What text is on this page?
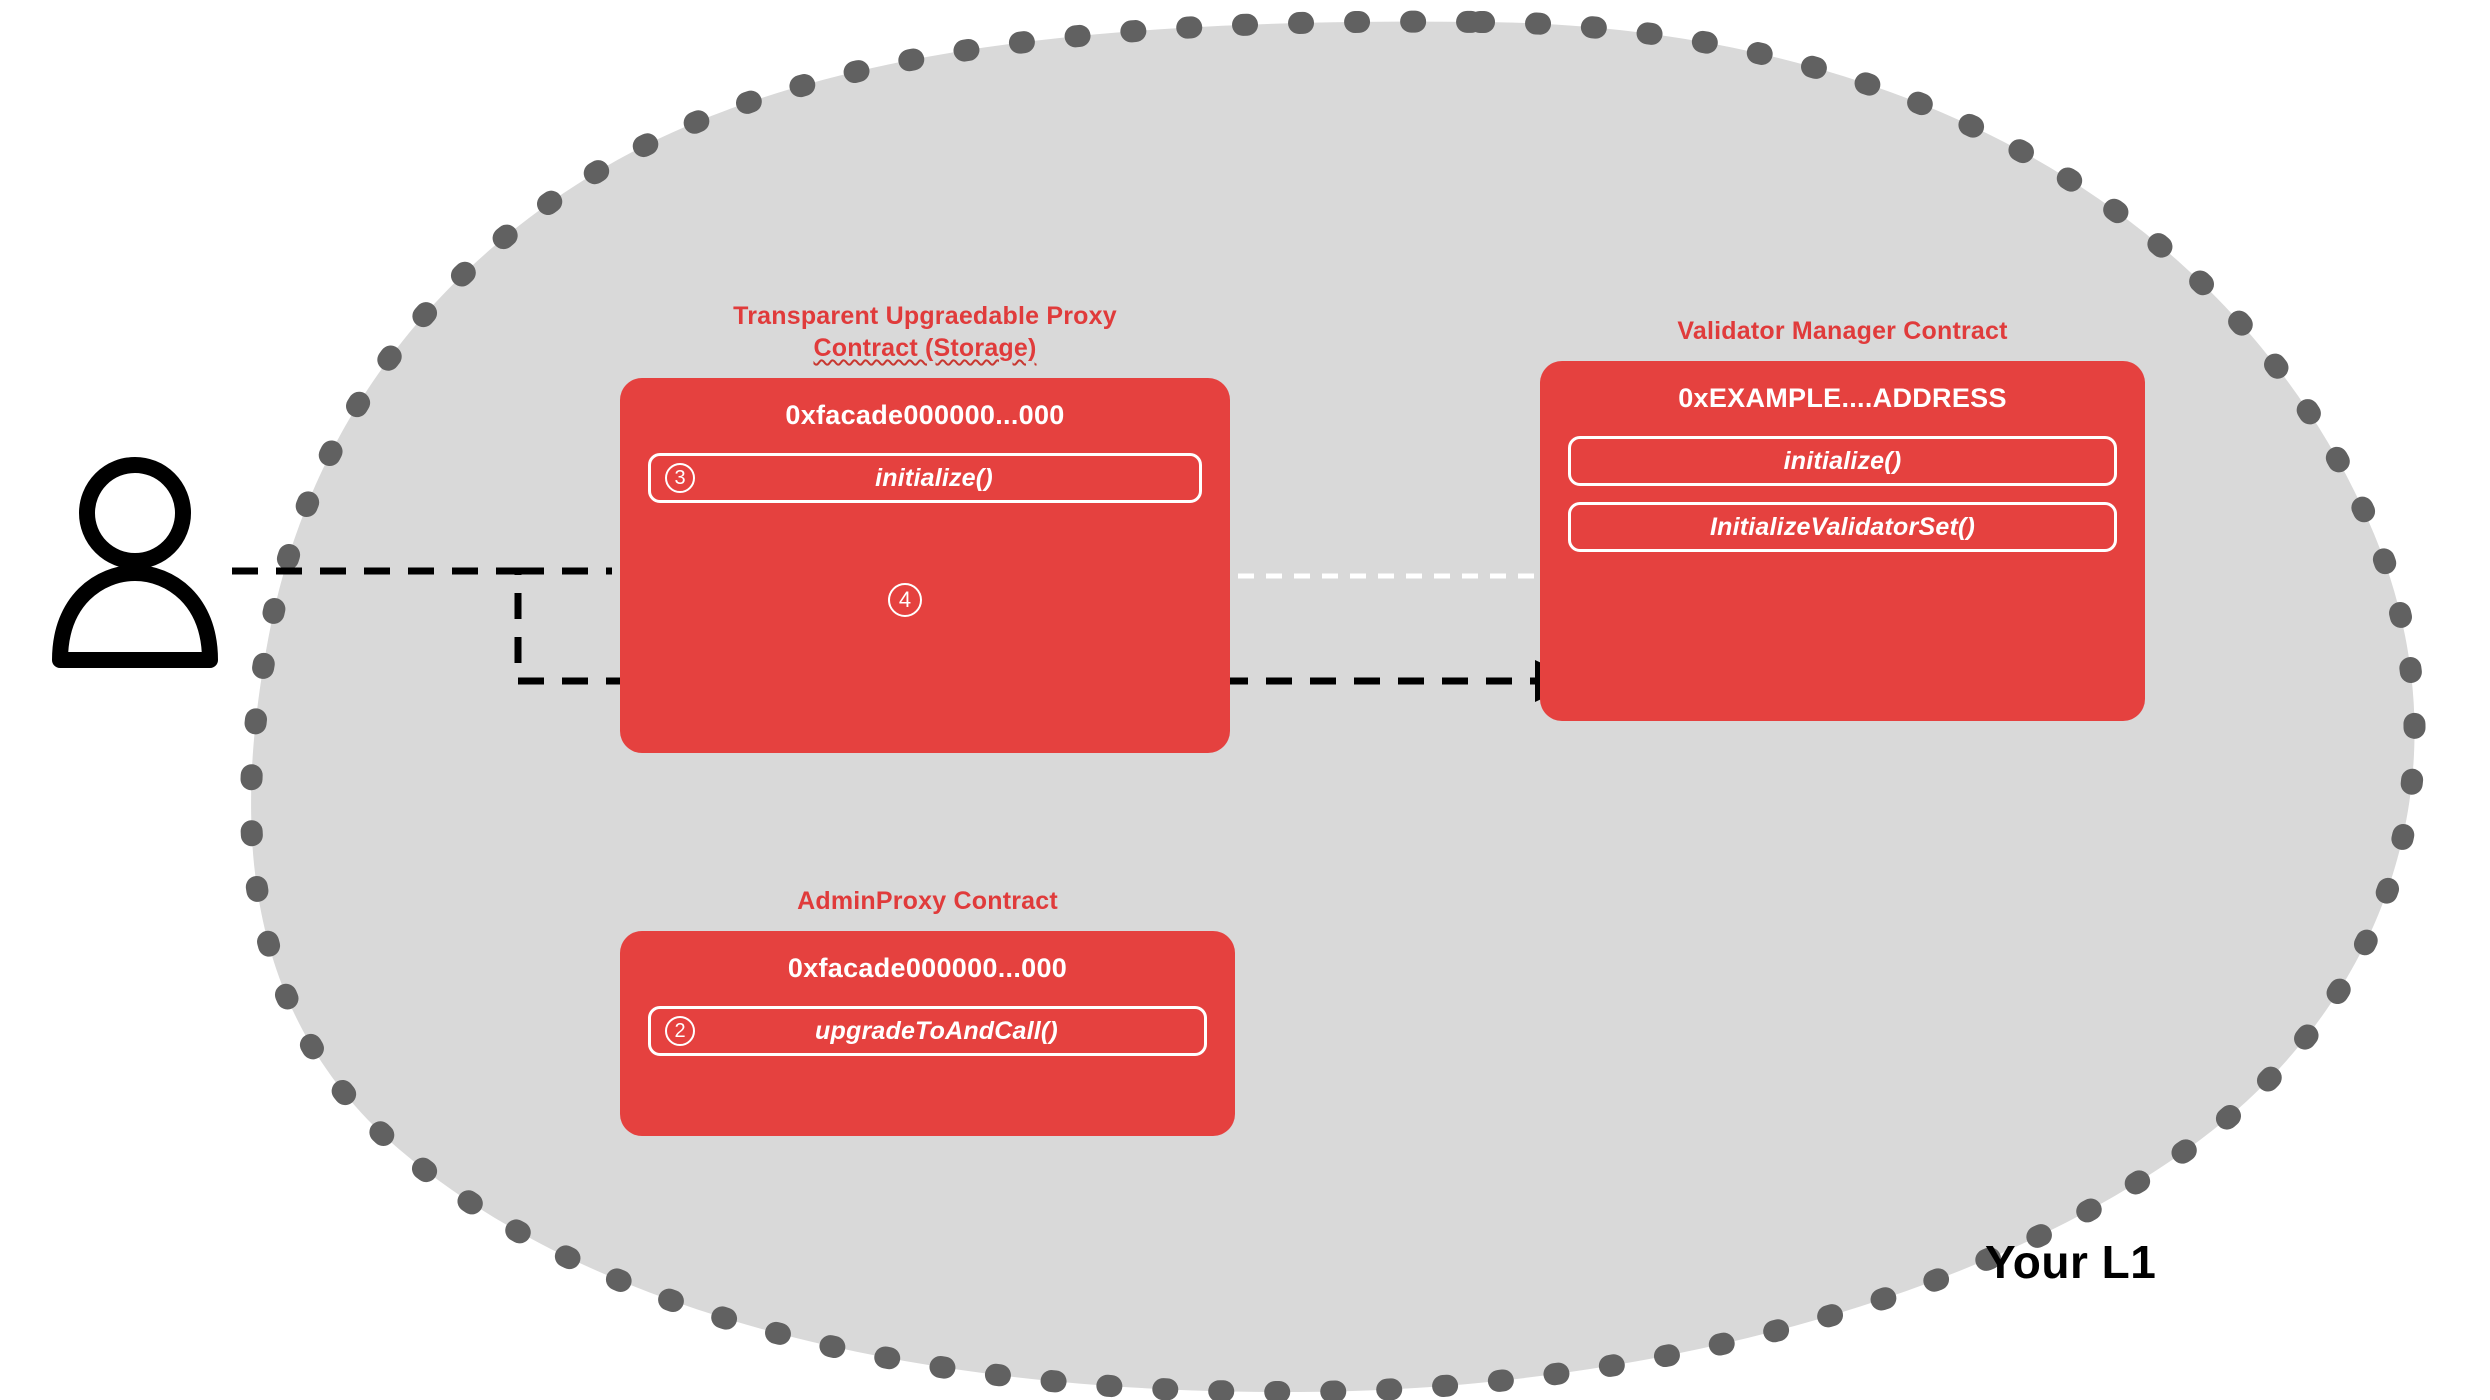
Transparent Upgraedable Proxy
Contract (Storage)
0xfacade000000...000
3	initialize()
4
Validator Manager Contract
0xEXAMPLE....ADDRESS
initialize()
InitializeValidatorSet()
AdminProxy Contract
0xfacade000000...000
2	upgradeToAndCall()
Your L1
